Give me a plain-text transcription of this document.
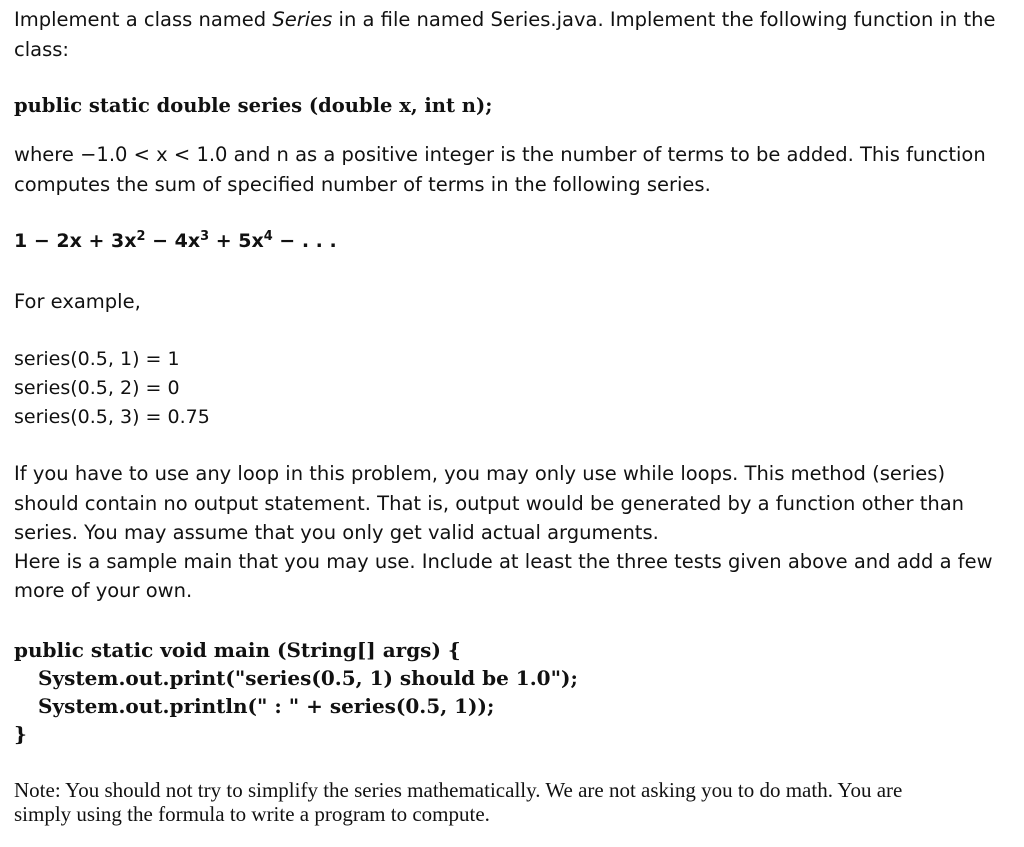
Implement a class named Series in a file named Series.java. Implement the following function in the

class:

public static double series (double x, int n);

where −1.0 < x < 1.0 and n as a positive integer is the number of terms to be added. This function

computes the sum of specified number of terms in the following series.

$1 - 2x + 3x^2 - 4x^3 + 5x^4$ − . . .

For example,

series(0.5, 1) = 1

series(0.5, 2) = 0

series(0.5, 3) = 0.75

If you have to use any loop in this problem, you may only use while loops. This method (series)

should contain no output statement. That is, output would be generated by a function other than

series. You may assume that you only get valid actual arguments.

Here is a sample main that you may use. Include at least the three tests given above and add a few

more of your own.

public static void main (String[] args) {

System.out.print("series(0.5, 1) should be 1.0");

System.out.println(" : " + series(0.5, 1));

}

Note: You should not try to simplify the series mathematically. We are not asking you to do math. You are

simply using the formula to write a program to compute.
